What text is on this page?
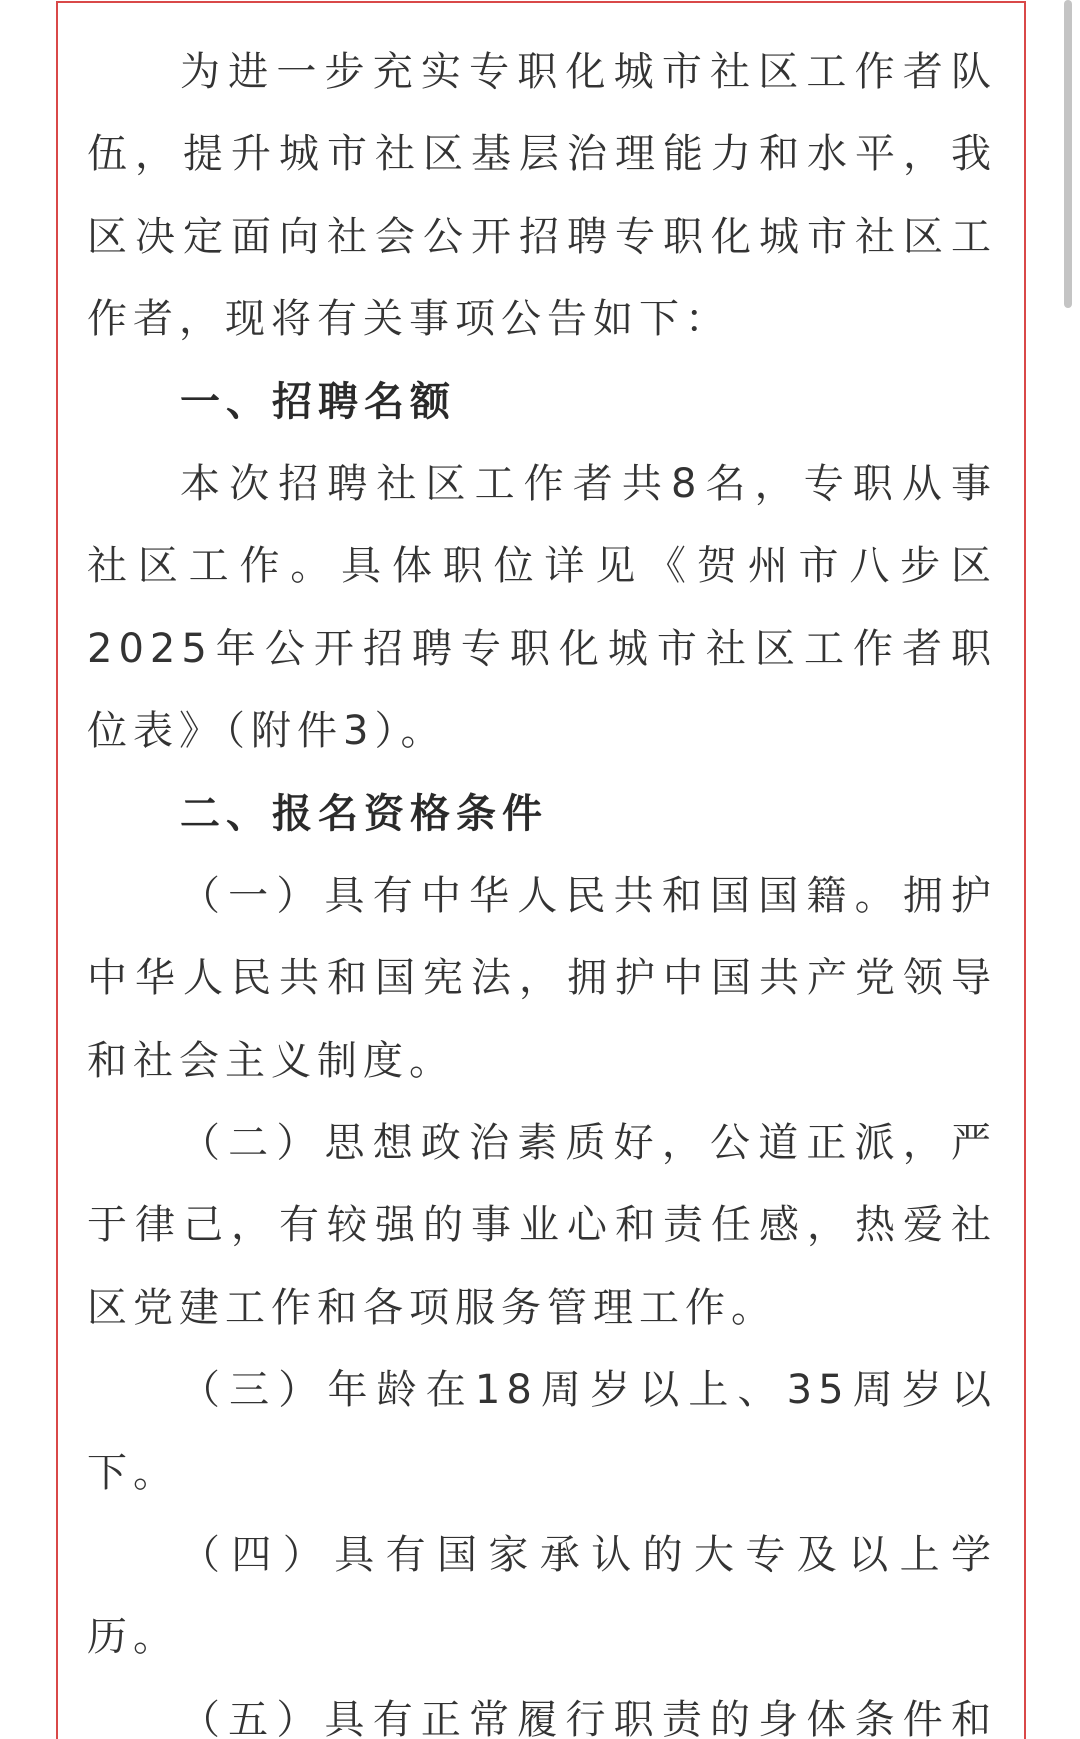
为进一步充实专职化城市社区工作者队
伍，提升城市社区基层治理能力和水平，我
区决定面向社会公开招聘专职化城市社区工
作者，现将有关事项公告如下：
一、招聘名额
本次招聘社区工作者共8名，专职从事
社区工作。具体职位详见《贺州市八步区
2025年公开招聘专职化城市社区工作者职
位表》（附件3）。
二、报名资格条件
（一）具有中华人民共和国国籍。拥护
中华人民共和国宪法，拥护中国共产党领导
和社会主义制度。
（二）思想政治素质好，公道正派，严
于律己，有较强的事业心和责任感，热爱社
区党建工作和各项服务管理工作。
（三）年龄在18周岁以上、35周岁以
下。
（四）具有国家承认的大专及以上学
历。
（五）具有正常履行职责的身体条件和
